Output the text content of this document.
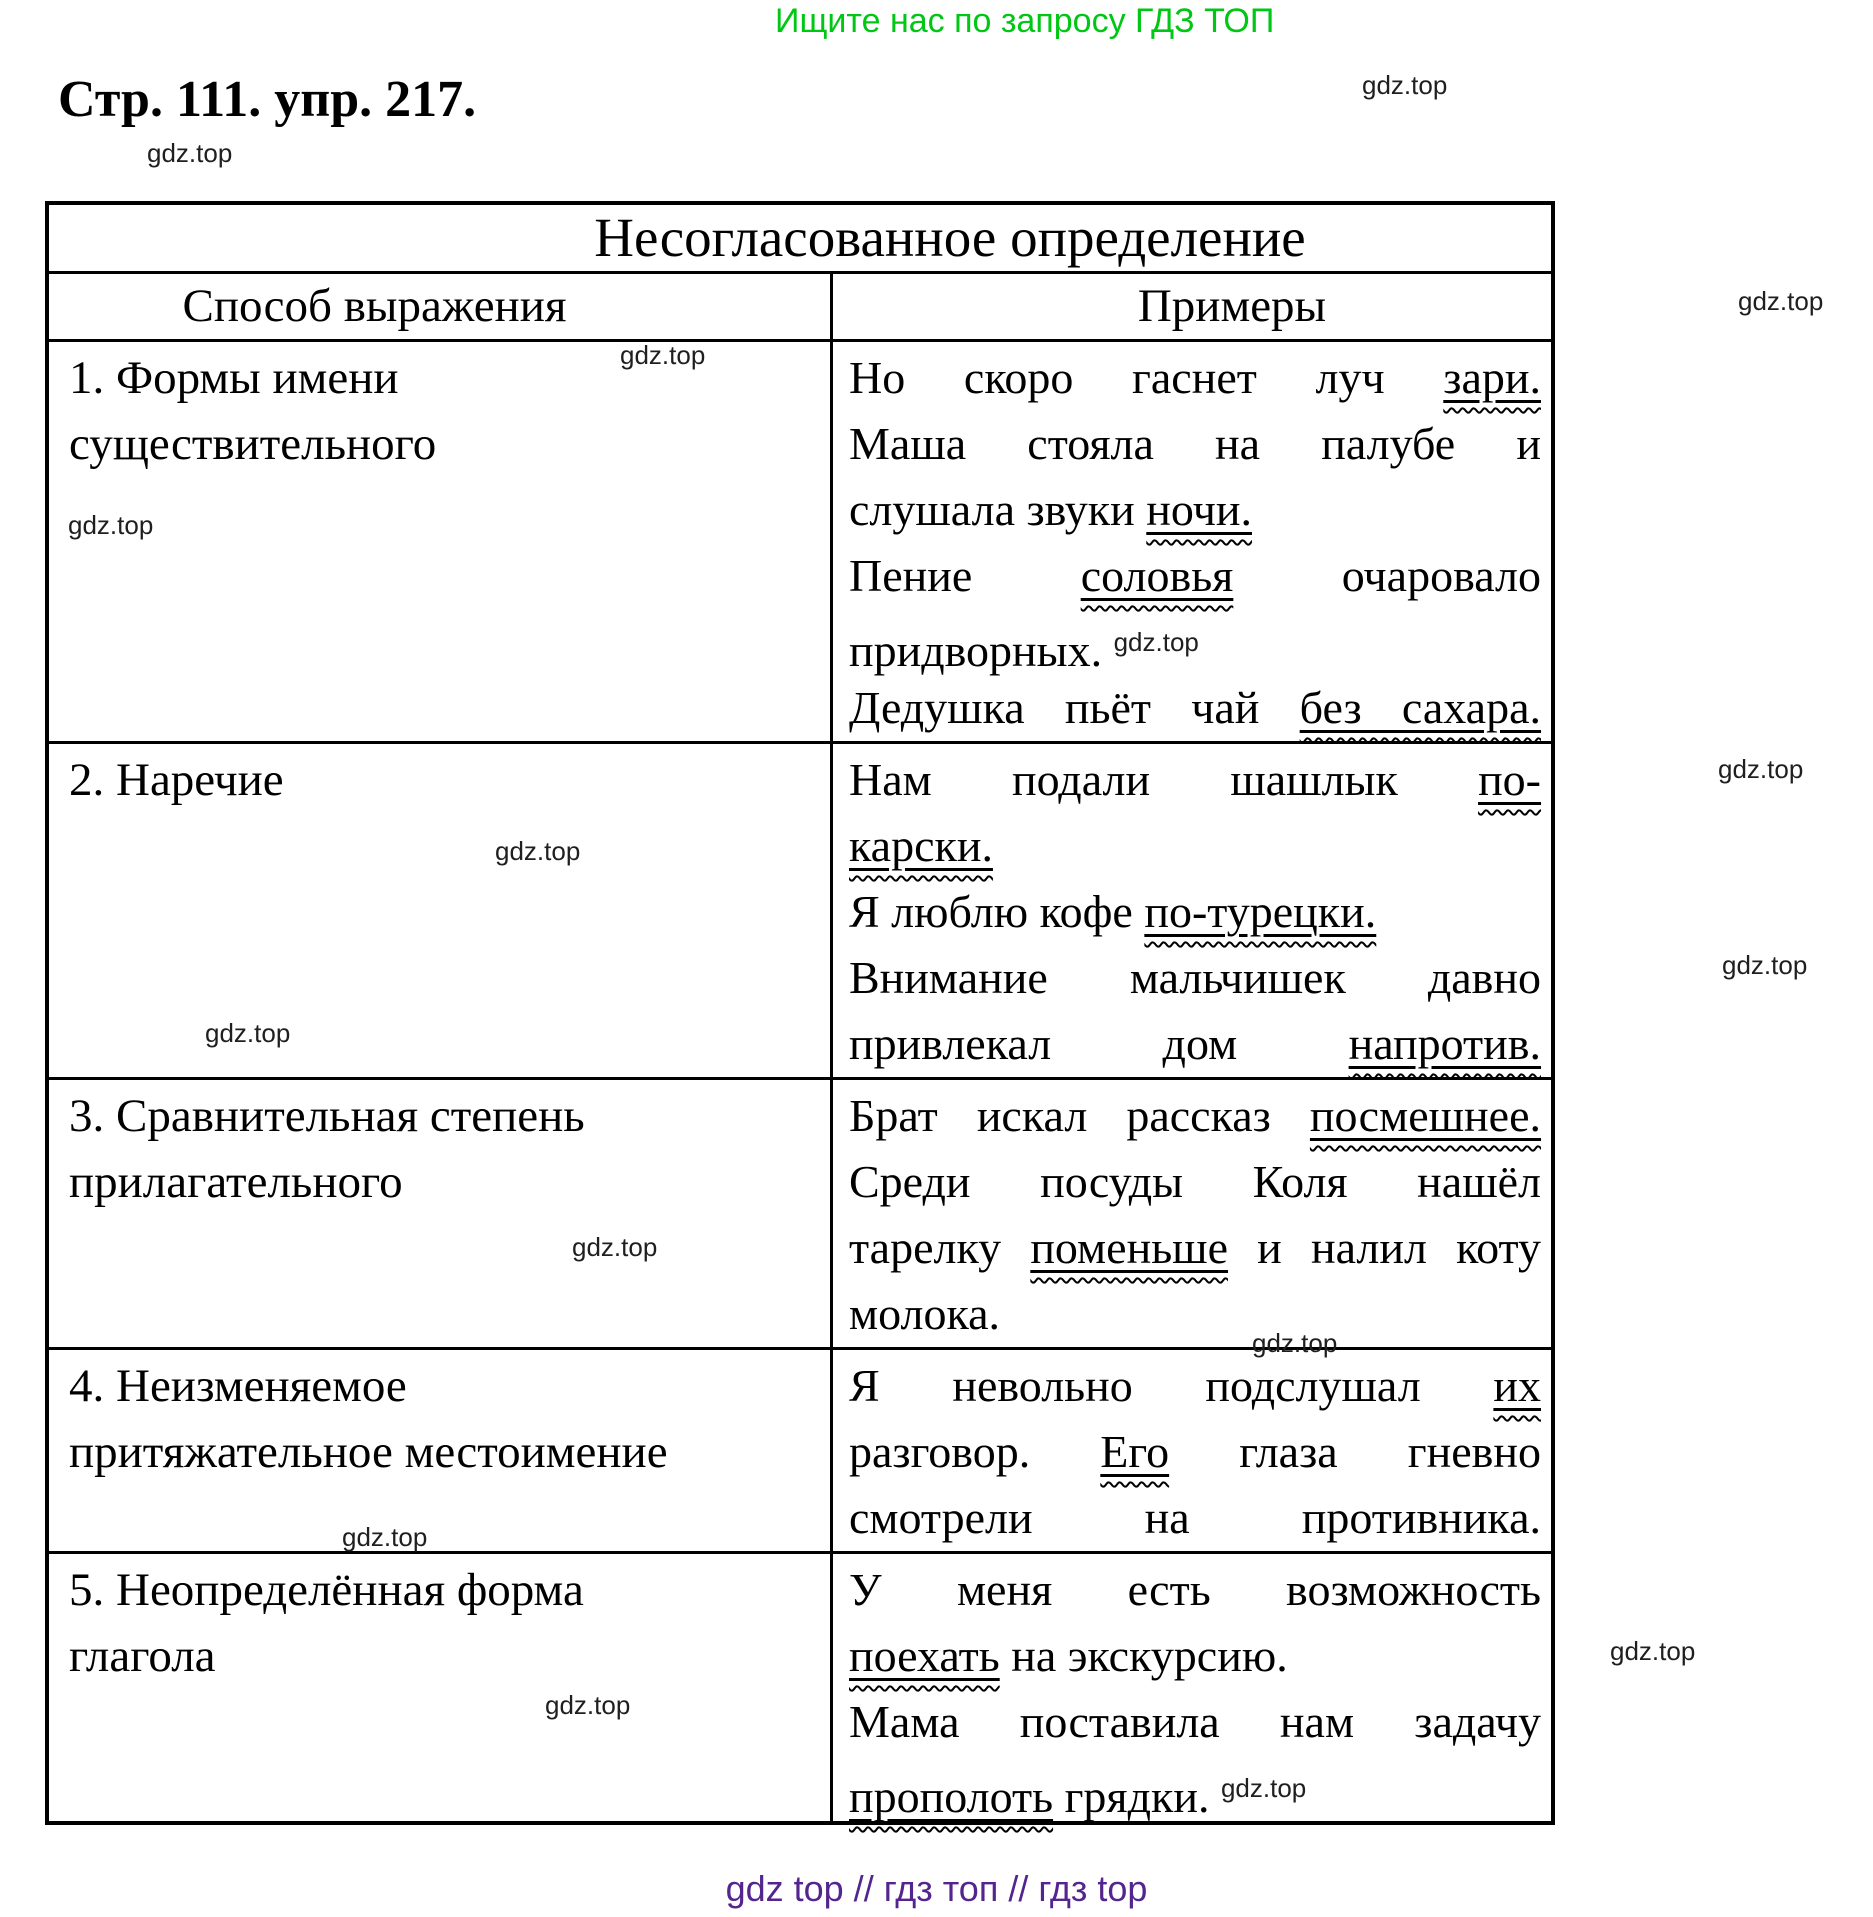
Ищите нас по запросу ГДЗ ТОП
Стр. 111. упр. 217.
Несогласованное определение
Способ выражения	Примеры
1. Формы имени
существительного
Но скоро гаснет луч зари.
Маша стояла на палубе и
слушала звуки ночи.
Пение соловья очаровало
придворных. $^{gdz.top}$
Дедушка пьёт чай без сахара.
2. Наречие	Нам подали шашлык по-
карски.
Я люблю кофе по-турецки.
Внимание мальчишек давно
привлекал дом напротив.
3. Сравнительная степень
прилагательного
Брат искал рассказ посмешнее.
Среди посуды Коля нашёл
тарелку поменьше и налил коту
молока.
4. Неизменяемое
притяжательное местоимение
Я невольно подслушал их
разговор. Его глаза гневно
смотрели на противника.
5. Неопределённая форма
глагола
У меня есть возможность
поехать на экскурсию.
Мама поставила нам задачу
прополоть грядки. $^{gdz.top}$
gdz top // гдз топ // гдз top
gdz.top
gdz.top
gdz.top
gdz.top
gdz.top
gdz.top
gdz.top
gdz.top
gdz.top
gdz.top
gdz.top
gdz.top
gdz.top
gdz.top
